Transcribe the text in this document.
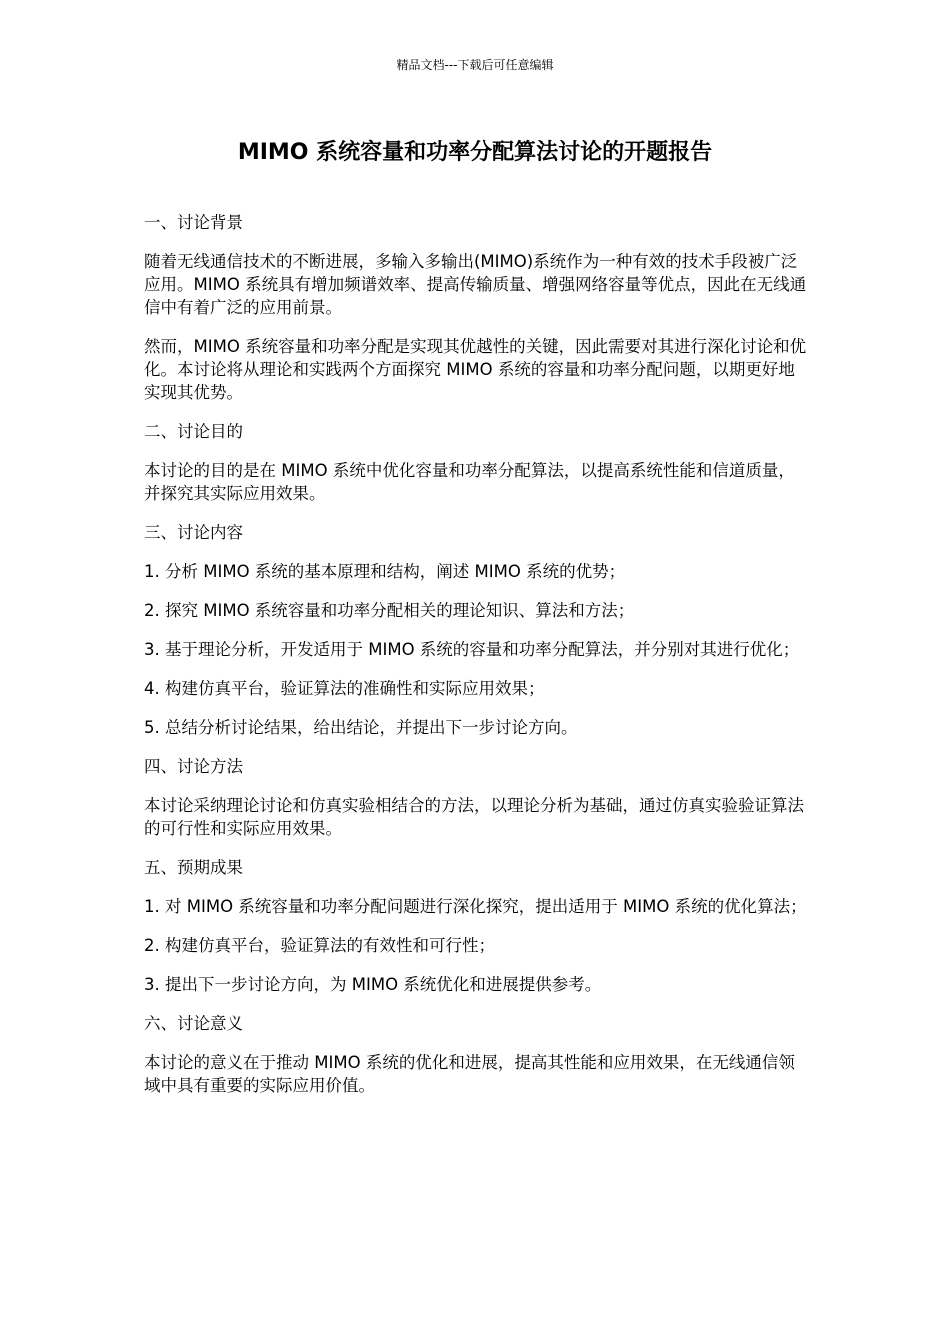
精品文档---下载后可任意编辑
MIMO 系统容量和功率分配算法讨论的开题报告

一、讨论背景

随着无线通信技术的不断进展，多输入多输出(MIMO)系统作为一种有效的技术手段被广泛应用。MIMO 系统具有增加频谱效率、提高传输质量、增强网络容量等优点，因此在无线通信中有着广泛的应用前景。

然而，MIMO 系统容量和功率分配是实现其优越性的关键，因此需要对其进行深化讨论和优化。本讨论将从理论和实践两个方面探究 MIMO 系统的容量和功率分配问题，以期更好地实现其优势。

二、讨论目的

本讨论的目的是在 MIMO 系统中优化容量和功率分配算法，以提高系统性能和信道质量，并探究其实际应用效果。

三、讨论内容

1. 分析 MIMO 系统的基本原理和结构，阐述 MIMO 系统的优势；

2. 探究 MIMO 系统容量和功率分配相关的理论知识、算法和方法；

3. 基于理论分析，开发适用于 MIMO 系统的容量和功率分配算法，并分别对其进行优化；

4. 构建仿真平台，验证算法的准确性和实际应用效果；

5. 总结分析讨论结果，给出结论，并提出下一步讨论方向。

四、讨论方法

本讨论采纳理论讨论和仿真实验相结合的方法，以理论分析为基础，通过仿真实验验证算法的可行性和实际应用效果。

五、预期成果

1. 对 MIMO 系统容量和功率分配问题进行深化探究，提出适用于 MIMO 系统的优化算法；

2. 构建仿真平台，验证算法的有效性和可行性；

3. 提出下一步讨论方向，为 MIMO 系统优化和进展提供参考。

六、讨论意义

本讨论的意义在于推动 MIMO 系统的优化和进展，提高其性能和应用效果，在无线通信领域中具有重要的实际应用价值。
